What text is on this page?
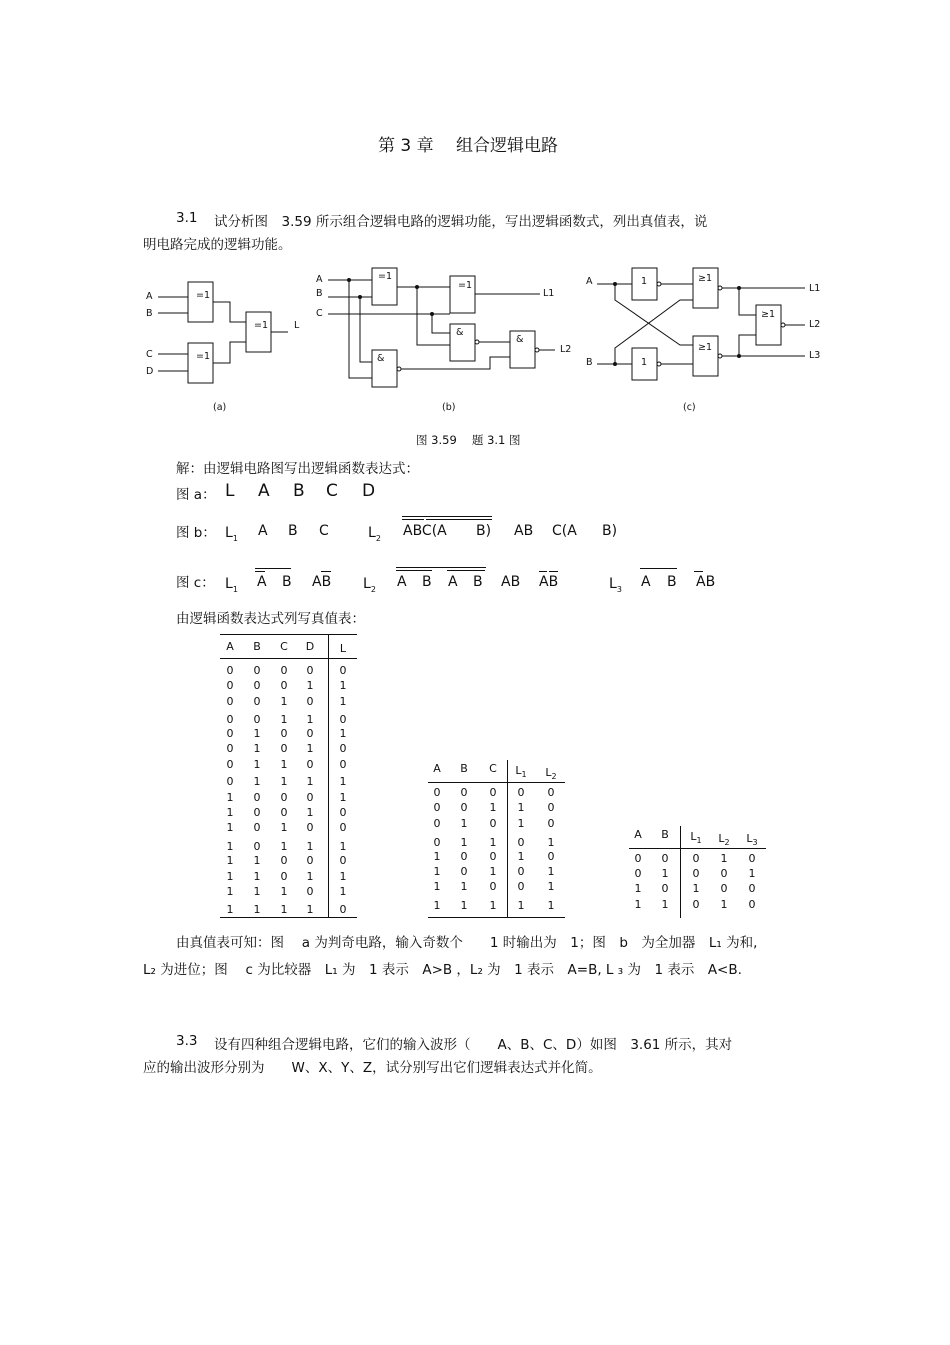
第 3 章　 组合逻辑电路
3.1 试分析图　3.59 所示组合逻辑电路的逻辑功能，写出逻辑函数式，列出真值表，说
明电路完成的逻辑功能。
=1
=1
=1
A
B
C
D
L
=1
=1
&
&
&
A
B
C
L1
L2
1
1
≥1
≥1
≥1
A
B
L1
L2
L3
(a)	(b)	(c)
图 3.59　 题 3.1 图
解：由逻辑电路图写出逻辑函数表达式：
图 a： L A B C D
图 b： $L_1$ A B C	$L_2$ ABC(A B) AB C(A B)
图 c： $L_1$ A B AB $L_2$ A B A B AB AB	$L_3$ A B AB
由逻辑函数表达式列写真值表：
A B C D	L
0	0	0	0	0
0	0	0	1	1
0	0	1	0	1
0	0	1	1	0
0	1	0	0	1
0	1	0	1	0
0	1	1	0	0
0	1	1	1	1
1	0	0	0	1
1	0	0	1	0
1	0	1	0	0
1	0	1	1	1
1	1	0	0	0
1	1	0	1	1
1	1	1	0	1
1	1	1	1	0
A B C $L_1$ $L_2$
0	0	0	0	0
0	0	1	1	0
0	1	0	1	0
0	1	1	0	1
1	0	0	1	0
1	0	1	0	1
1	1	0	0	1
1	1	1	1	1
A B $L_1$ $L_2$ $L_3$
0	0	0	1	0
0	1	0	0	1
1	0	1	0	0
1	1	0	1	0
由真值表可知：图　 a 为判奇电路，输入奇数个　　1 时输出为　1；图　b　为全加器　L₁ 为和,
L₂ 为进位；图　 c 为比较器　L₁ 为　1 表示　A>B ，L₂ 为　1 表示　A=B, L ₃ 为　1 表示　A<B.
3.3 设有四种组合逻辑电路，它们的输入波形（　　A、B、C、D）如图　3.61 所示，其对
应的输出波形分别为　　W、X、Y、Z，试分别写出它们逻辑表达式并化简。
